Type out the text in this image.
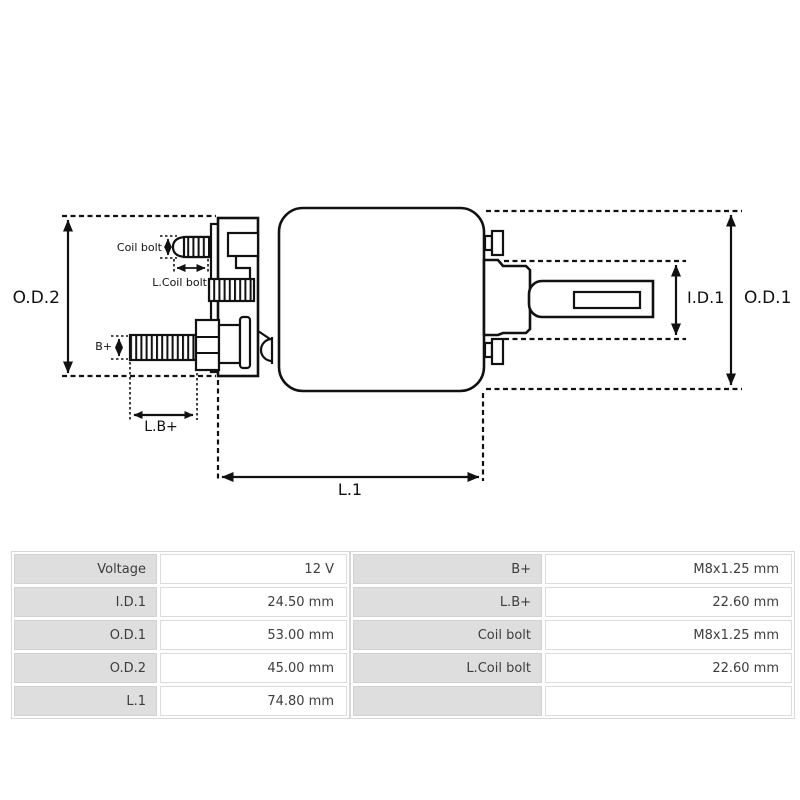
O.D.2	O.D.1
I.D.1
L.1
L.B+
B+
Coil bolt
L.Coil bolt
Voltage	12 V
I.D.1	24.50 mm
O.D.1	53.00 mm
O.D.2	45.00 mm
L.1	74.80 mm
B+	M8x1.25 mm
L.B+	22.60 mm
Coil bolt	M8x1.25 mm
L.Coil bolt	22.60 mm
